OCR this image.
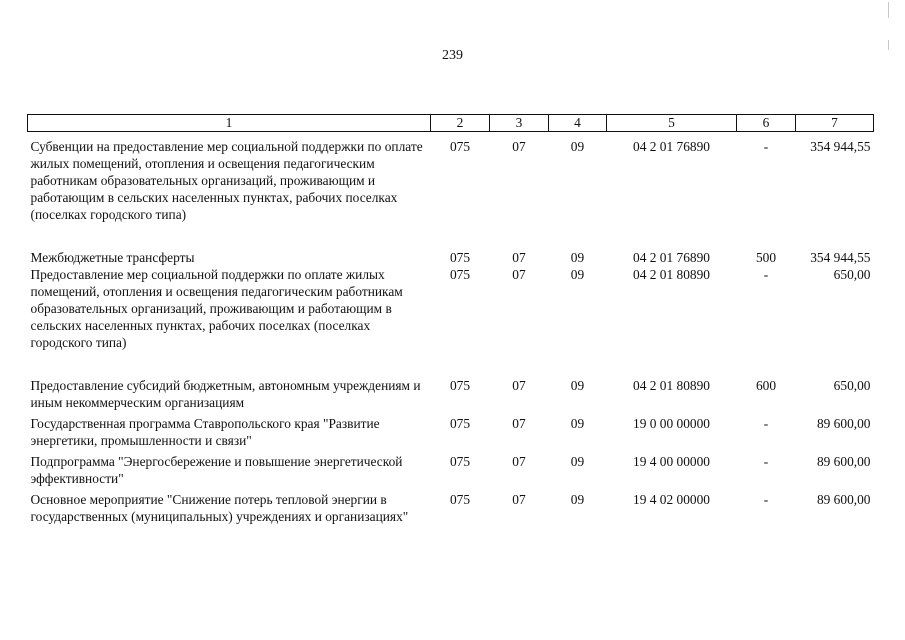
239
1	2	3	4	5	6	7
Субвенции на предоставление мер социальной поддержки по оплате жилых помещений, отопления и освещения педагогическим работникам образовательных организаций, проживающим и работающим в сельских населенных пунктах, рабочих поселках (поселках городского типа)	075	07	09	04 2 01 76890	-	354 944,55
Межбюджетные трансферты	075	07	09	04 2 01 76890	500	354 944,55
Предоставление мер социальной поддержки по оплате жилых помещений, отопления и освещения педагогическим работникам образовательных организаций, проживающим и работающим в сельских населенных пунктах, рабочих поселках (поселках городского типа)	075	07	09	04 2 01 80890	-	650,00
Предоставление субсидий бюджетным, автономным учреждениям и иным некоммерческим организациям	075	07	09	04 2 01 80890	600	650,00
Государственная программа Ставропольского края "Развитие энергетики, промышленности и связи"	075	07	09	19 0 00 00000	-	89 600,00
Подпрограмма "Энергосбережение и повышение энергетической эффективности"	075	07	09	19 4 00 00000	-	89 600,00
Основное мероприятие "Снижение потерь тепловой энергии в государственных (муниципальных) учреждениях и организациях"	075	07	09	19 4 02 00000	-	89 600,00
